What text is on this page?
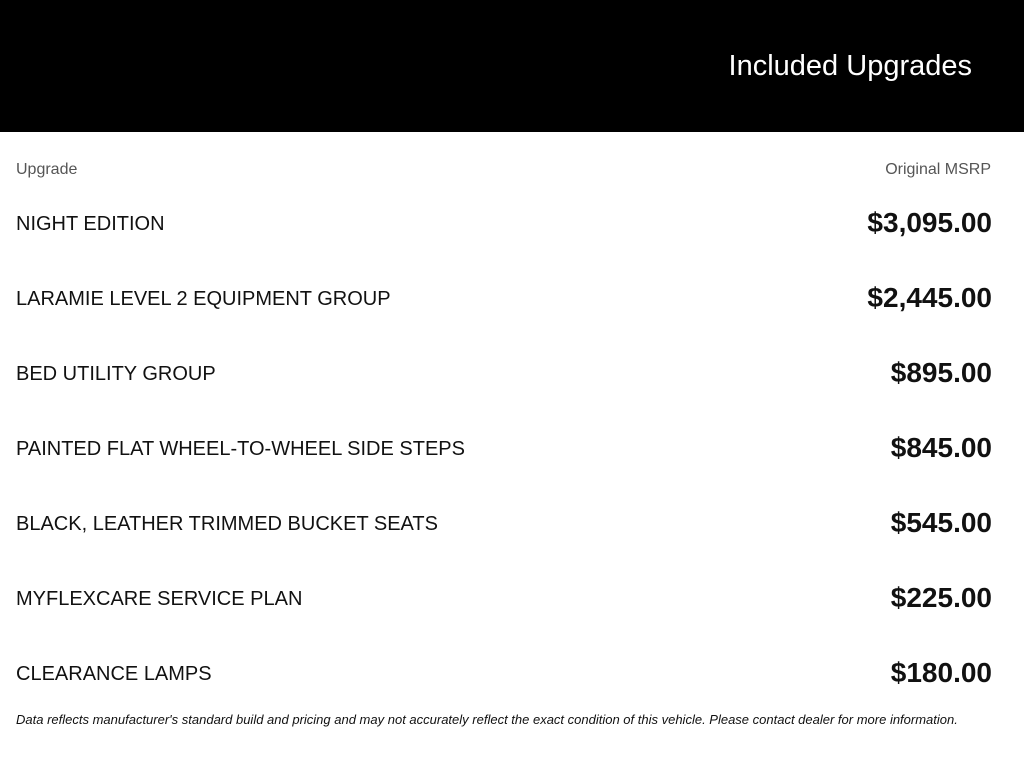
Included Upgrades
Upgrade	Original MSRP
NIGHT EDITION	$3,095.00
LARAMIE LEVEL 2 EQUIPMENT GROUP	$2,445.00
BED UTILITY GROUP	$895.00
PAINTED FLAT WHEEL-TO-WHEEL SIDE STEPS	$845.00
BLACK, LEATHER TRIMMED BUCKET SEATS	$545.00
MYFLEXCARE SERVICE PLAN	$225.00
CLEARANCE LAMPS	$180.00
Data reflects manufacturer's standard build and pricing and may not accurately reflect the exact condition of this vehicle. Please contact dealer for more information.
